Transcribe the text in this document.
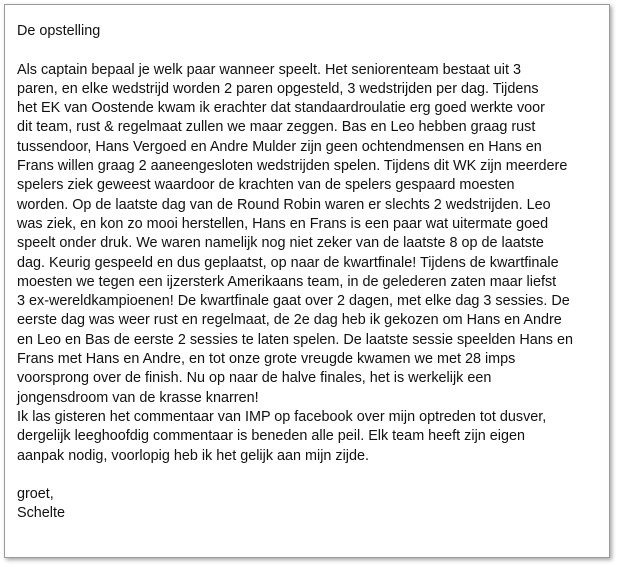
De opstelling
Als captain bepaal je welk paar wanneer speelt. Het seniorenteam bestaat uit 3
paren, en elke wedstrijd worden 2 paren opgesteld, 3 wedstrijden per dag. Tijdens
het EK van Oostende kwam ik erachter dat standaardroulatie erg goed werkte voor
dit team, rust & regelmaat zullen we maar zeggen. Bas en Leo hebben graag rust
tussendoor, Hans Vergoed en Andre Mulder zijn geen ochtendmensen en Hans en
Frans willen graag 2 aaneengesloten wedstrijden spelen. Tijdens dit WK zijn meerdere
spelers ziek geweest waardoor de krachten van de spelers gespaard moesten
worden. Op de laatste dag van de Round Robin waren er slechts 2 wedstrijden. Leo
was ziek, en kon zo mooi herstellen, Hans en Frans is een paar wat uitermate goed
speelt onder druk. We waren namelijk nog niet zeker van de laatste 8 op de laatste
dag. Keurig gespeeld en dus geplaatst, op naar de kwartfinale! Tijdens de kwartfinale
moesten we tegen een ijzersterk Amerikaans team, in de gelederen zaten maar liefst
3 ex-wereldkampioenen! De kwartfinale gaat over 2 dagen, met elke dag 3 sessies. De
eerste dag was weer rust en regelmaat, de 2e dag heb ik gekozen om Hans en Andre
en Leo en Bas de eerste 2 sessies te laten spelen. De laatste sessie speelden Hans en
Frans met Hans en Andre, en tot onze grote vreugde kwamen we met 28 imps
voorsprong over de finish. Nu op naar de halve finales, het is werkelijk een
jongensdroom van de krasse knarren!
Ik las gisteren het commentaar van IMP op facebook over mijn optreden tot dusver,
dergelijk leeghoofdig commentaar is beneden alle peil. Elk team heeft zijn eigen
aanpak nodig, voorlopig heb ik het gelijk aan mijn zijde.
groet,
Schelte
